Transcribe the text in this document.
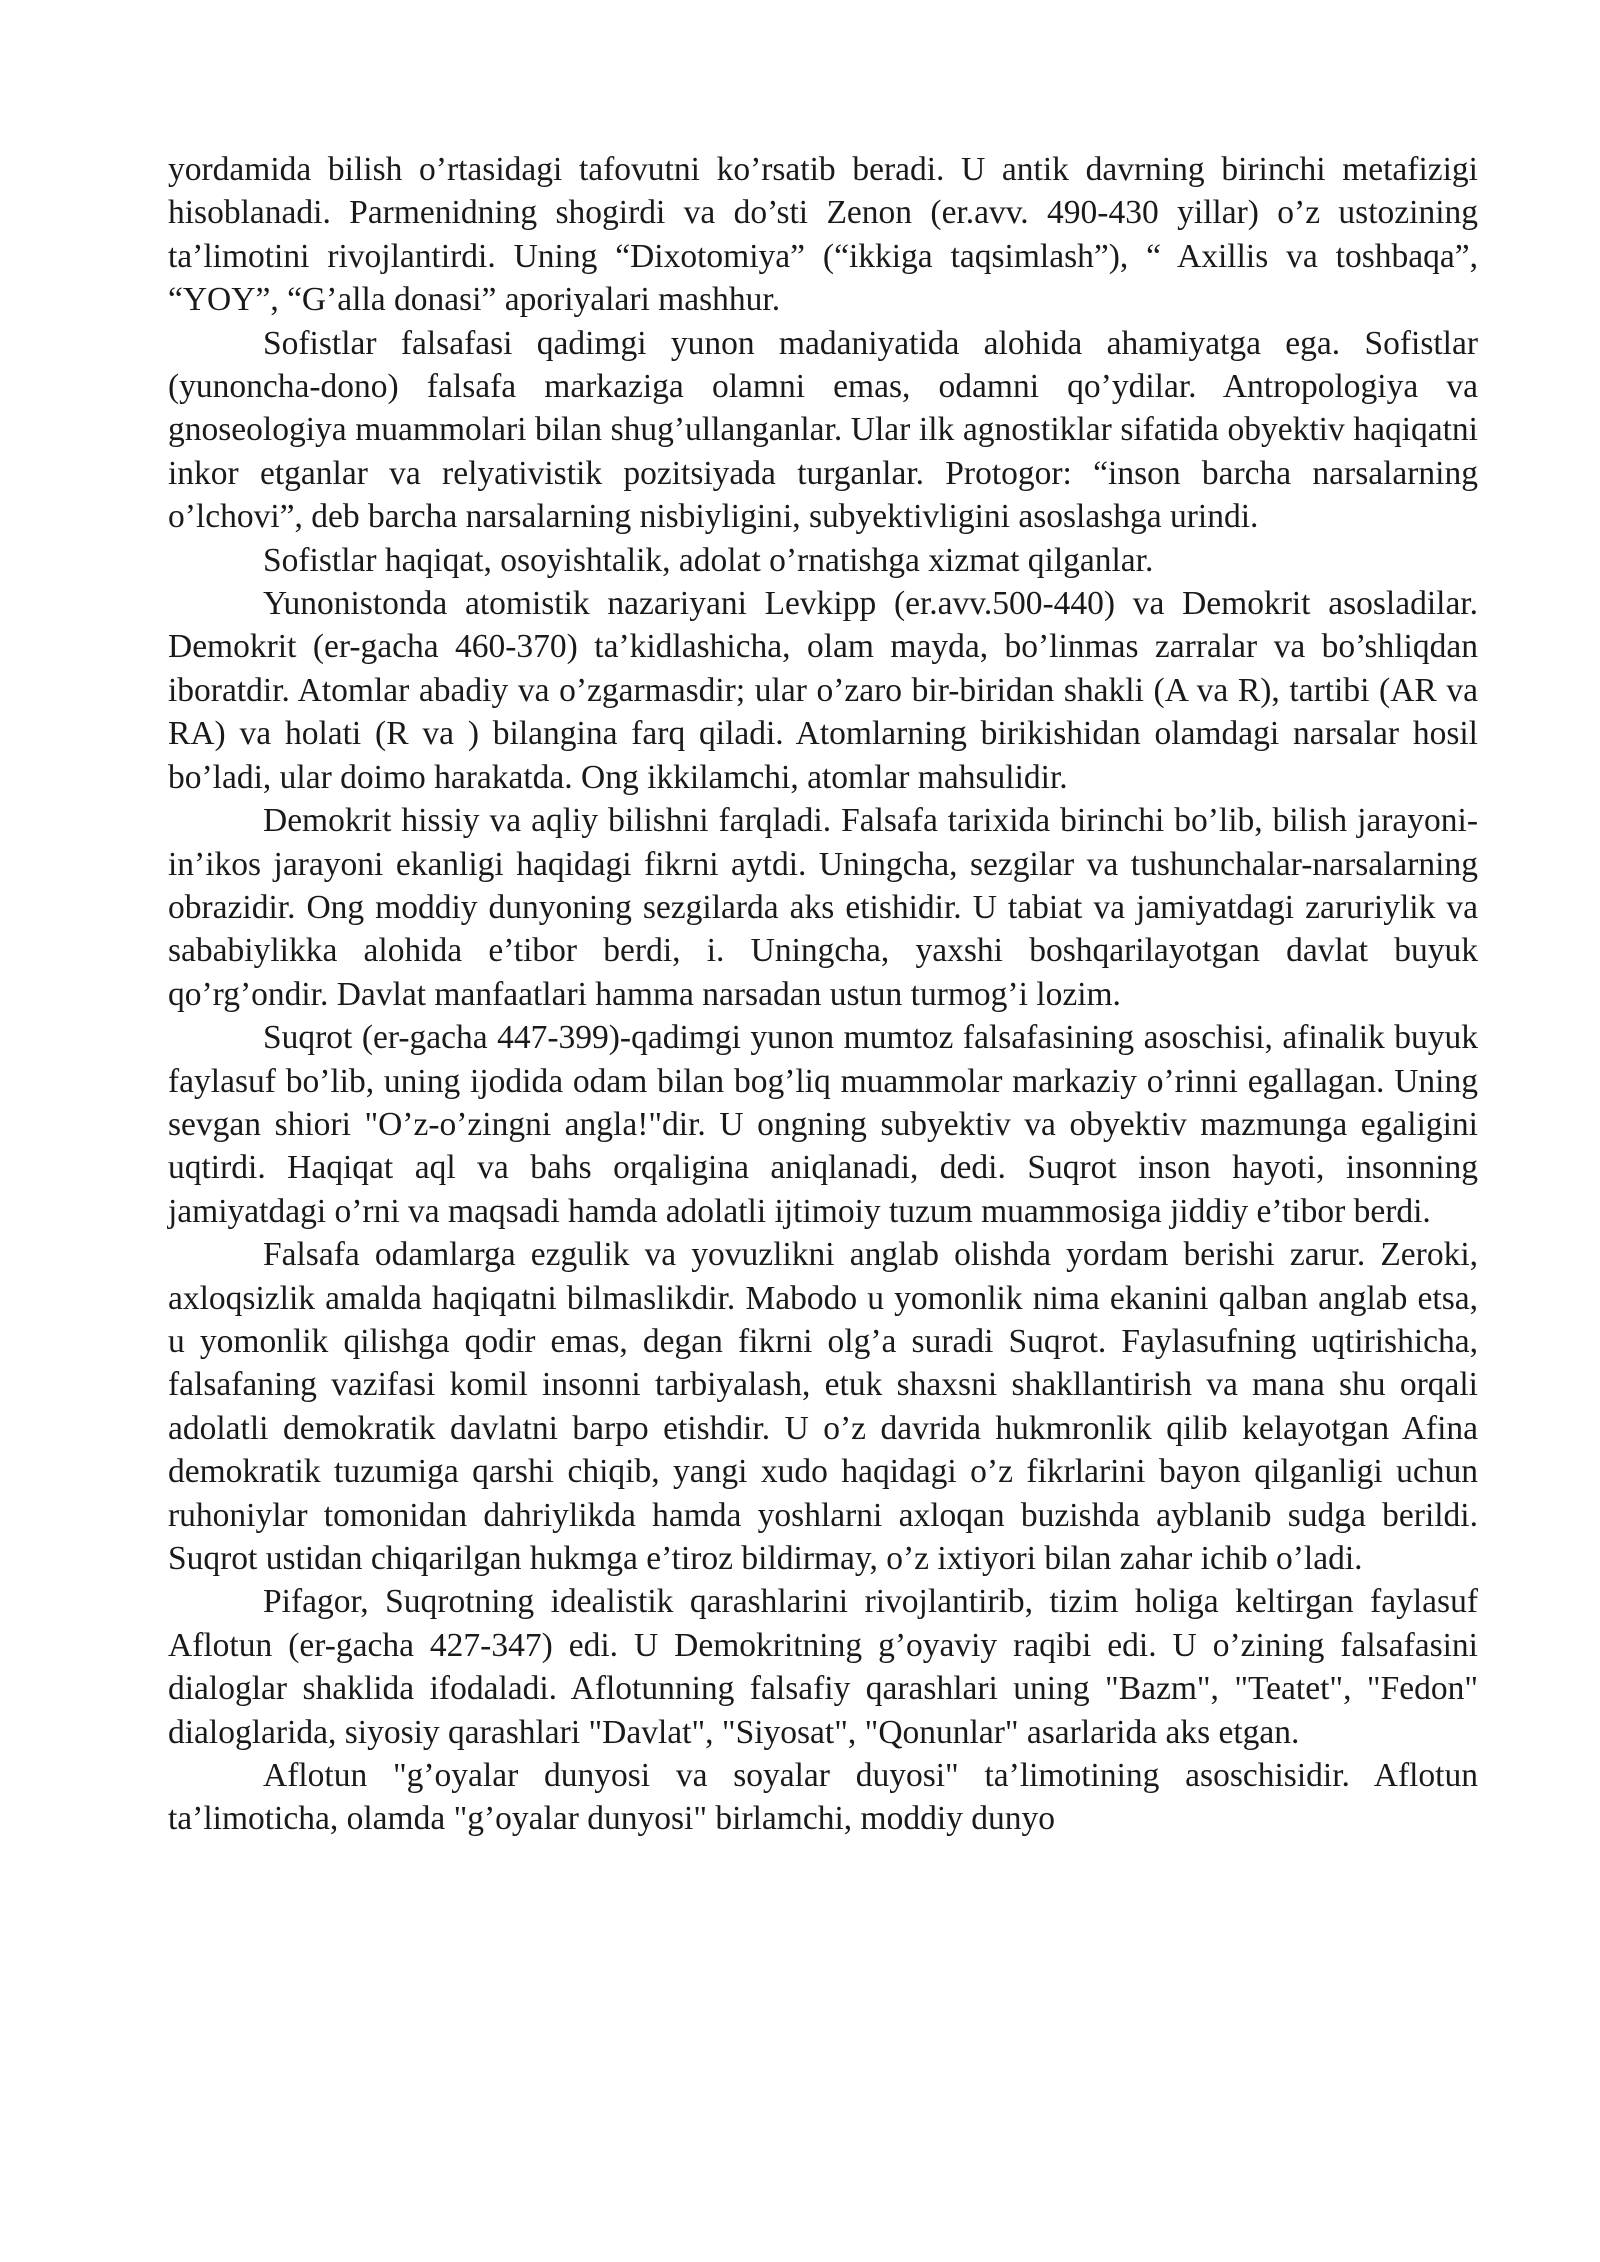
yordamida bilish o’rtasidagi tafovutni ko’rsatib beradi. U antik davrning birinchi metafizigi hisoblanadi. Parmenidning shogirdi va do’sti Zenon (er.avv. 490-430 yillar) o’z ustozining ta’limotini rivojlantirdi. Uning “Dixotomiya” (“ikkiga taqsimlash”), “ Axillis va toshbaqa”, “YOY”, “G’alla donasi” aporiyalari mashhur.

Sofistlar falsafasi qadimgi yunon madaniyatida alohida ahamiyatga ega. Sofistlar (yunoncha-dono) falsafa markaziga olamni emas, odamni qo’ydilar. Antropologiya va gnoseologiya muammolari bilan shug’ullanganlar. Ular ilk agnostiklar sifatida obyektiv haqiqatni inkor etganlar va relyativistik pozitsiyada turganlar. Protogor: “inson barcha narsalarning o’lchovi”, deb barcha narsalarning nisbiyligini, subyektivligini asoslashga urindi.

Sofistlar haqiqat, osoyishtalik, adolat o’rnatishga xizmat qilganlar.

Yunonistonda atomistik nazariyani Levkipp (er.avv.500-440) va Demokrit asosladilar. Demokrit (er-gacha 460-370) ta’kidlashicha, olam mayda, bo’linmas zarralar va bo’shliqdan iboratdir. Atomlar abadiy va o’zgarmasdir; ular o’zaro bir-biridan shakli (A va R), tartibi (AR va RA) va holati (R va ) bilangina farq qiladi. Atomlarning birikishidan olamdagi narsalar hosil bo’ladi, ular doimo harakatda. Ong ikkilamchi, atomlar mahsulidir.

Demokrit hissiy va aqliy bilishni farqladi. Falsafa tarixida birinchi bo’lib, bilish jarayoni-in’ikos jarayoni ekanligi haqidagi fikrni aytdi. Uningcha, sezgilar va tushunchalar-narsalarning obrazidir. Ong moddiy dunyoning sezgilarda aks etishidir. U tabiat va jamiyatdagi zaruriylik va sababiylikka alohida e’tibor berdi, i. Uningcha, yaxshi boshqarilayotgan davlat buyuk qo’rg’ondir. Davlat manfaatlari hamma narsadan ustun turmog’i lozim.

Suqrot (er-gacha 447-399)-qadimgi yunon mumtoz falsafasining asoschisi, afinalik buyuk faylasuf bo’lib, uning ijodida odam bilan bog’liq muammolar markaziy o’rinni egallagan. Uning sevgan shiori "O’z-o’zingni angla!"dir. U ongning subyektiv va obyektiv mazmunga egaligini uqtirdi. Haqiqat aql va bahs orqaligina aniqlanadi, dedi. Suqrot inson hayoti, insonning jamiyatdagi o’rni va maqsadi hamda adolatli ijtimoiy tuzum muammosiga jiddiy e’tibor berdi.

Falsafa odamlarga ezgulik va yovuzlikni anglab olishda yordam berishi zarur. Zeroki, axloqsizlik amalda haqiqatni bilmaslikdir. Mabodo u yomonlik nima ekanini qalban anglab etsa, u yomonlik qilishga qodir emas, degan fikrni olg’a suradi Suqrot. Faylasufning uqtirishicha, falsafaning vazifasi komil insonni tarbiyalash, etuk shaxsni shakllantirish va mana shu orqali adolatli demokratik davlatni barpo etishdir. U o’z davrida hukmronlik qilib kelayotgan Afina demokratik tuzumiga qarshi chiqib, yangi xudo haqidagi o’z fikrlarini bayon qilganligi uchun ruhoniylar tomonidan dahriylikda hamda yoshlarni axloqan buzishda ayblanib sudga berildi. Suqrot ustidan chiqarilgan hukmga e’tiroz bildirmay, o’z ixtiyori bilan zahar ichib o’ladi.

Pifagor, Suqrotning idealistik qarashlarini rivojlantirib, tizim holiga keltirgan faylasuf Aflotun (er-gacha 427-347) edi. U Demokritning g’oyaviy raqibi edi. U o’zining falsafasini dialoglar shaklida ifodaladi. Aflotunning falsafiy qarashlari uning "Bazm", "Teatet", "Fedon" dialoglarida, siyosiy qarashlari "Davlat", "Siyosat", "Qonunlar" asarlarida aks etgan.

Aflotun "g’oyalar dunyosi va soyalar duyosi" ta’limotining asoschisidir. Aflotun ta’limoticha, olamda "g’oyalar dunyosi" birlamchi, moddiy dunyo
